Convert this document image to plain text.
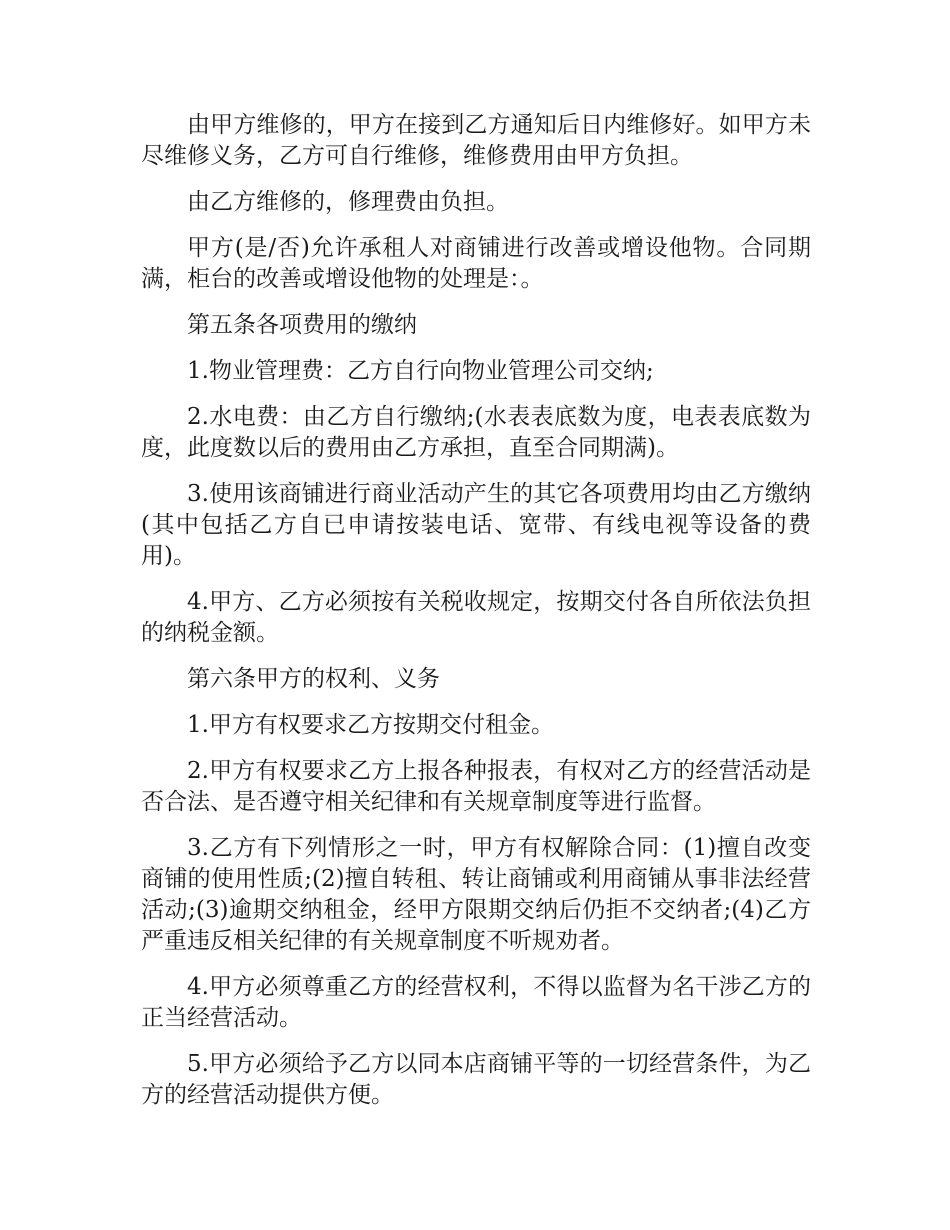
由甲方维修的，甲方在接到乙方通知后日内维修好。如甲方未尽维修义务，乙方可自行维修，维修费用由甲方负担。

由乙方维修的，修理费由负担。

甲方(是/否)允许承租人对商铺进行改善或增设他物。合同期满，柜台的改善或增设他物的处理是：。

第五条各项费用的缴纳

1.物业管理费：乙方自行向物业管理公司交纳;

2.水电费：由乙方自行缴纳;(水表表底数为度，电表表底数为度，此度数以后的费用由乙方承担，直至合同期满)。

3.使用该商铺进行商业活动产生的其它各项费用均由乙方缴纳(其中包括乙方自已申请按装电话、宽带、有线电视等设备的费用)。

4.甲方、乙方必须按有关税收规定，按期交付各自所依法负担的纳税金额。

第六条甲方的权利、义务

1.甲方有权要求乙方按期交付租金。

2.甲方有权要求乙方上报各种报表，有权对乙方的经营活动是否合法、是否遵守相关纪律和有关规章制度等进行监督。

3.乙方有下列情形之一时，甲方有权解除合同：(1)擅自改变商铺的使用性质;(2)擅自转租、转让商铺或利用商铺从事非法经营活动;(3)逾期交纳租金，经甲方限期交纳后仍拒不交纳者;(4)乙方严重违反相关纪律的有关规章制度不听规劝者。

4.甲方必须尊重乙方的经营权利，不得以监督为名干涉乙方的正当经营活动。

5.甲方必须给予乙方以同本店商铺平等的一切经营条件，为乙方的经营活动提供方便。
